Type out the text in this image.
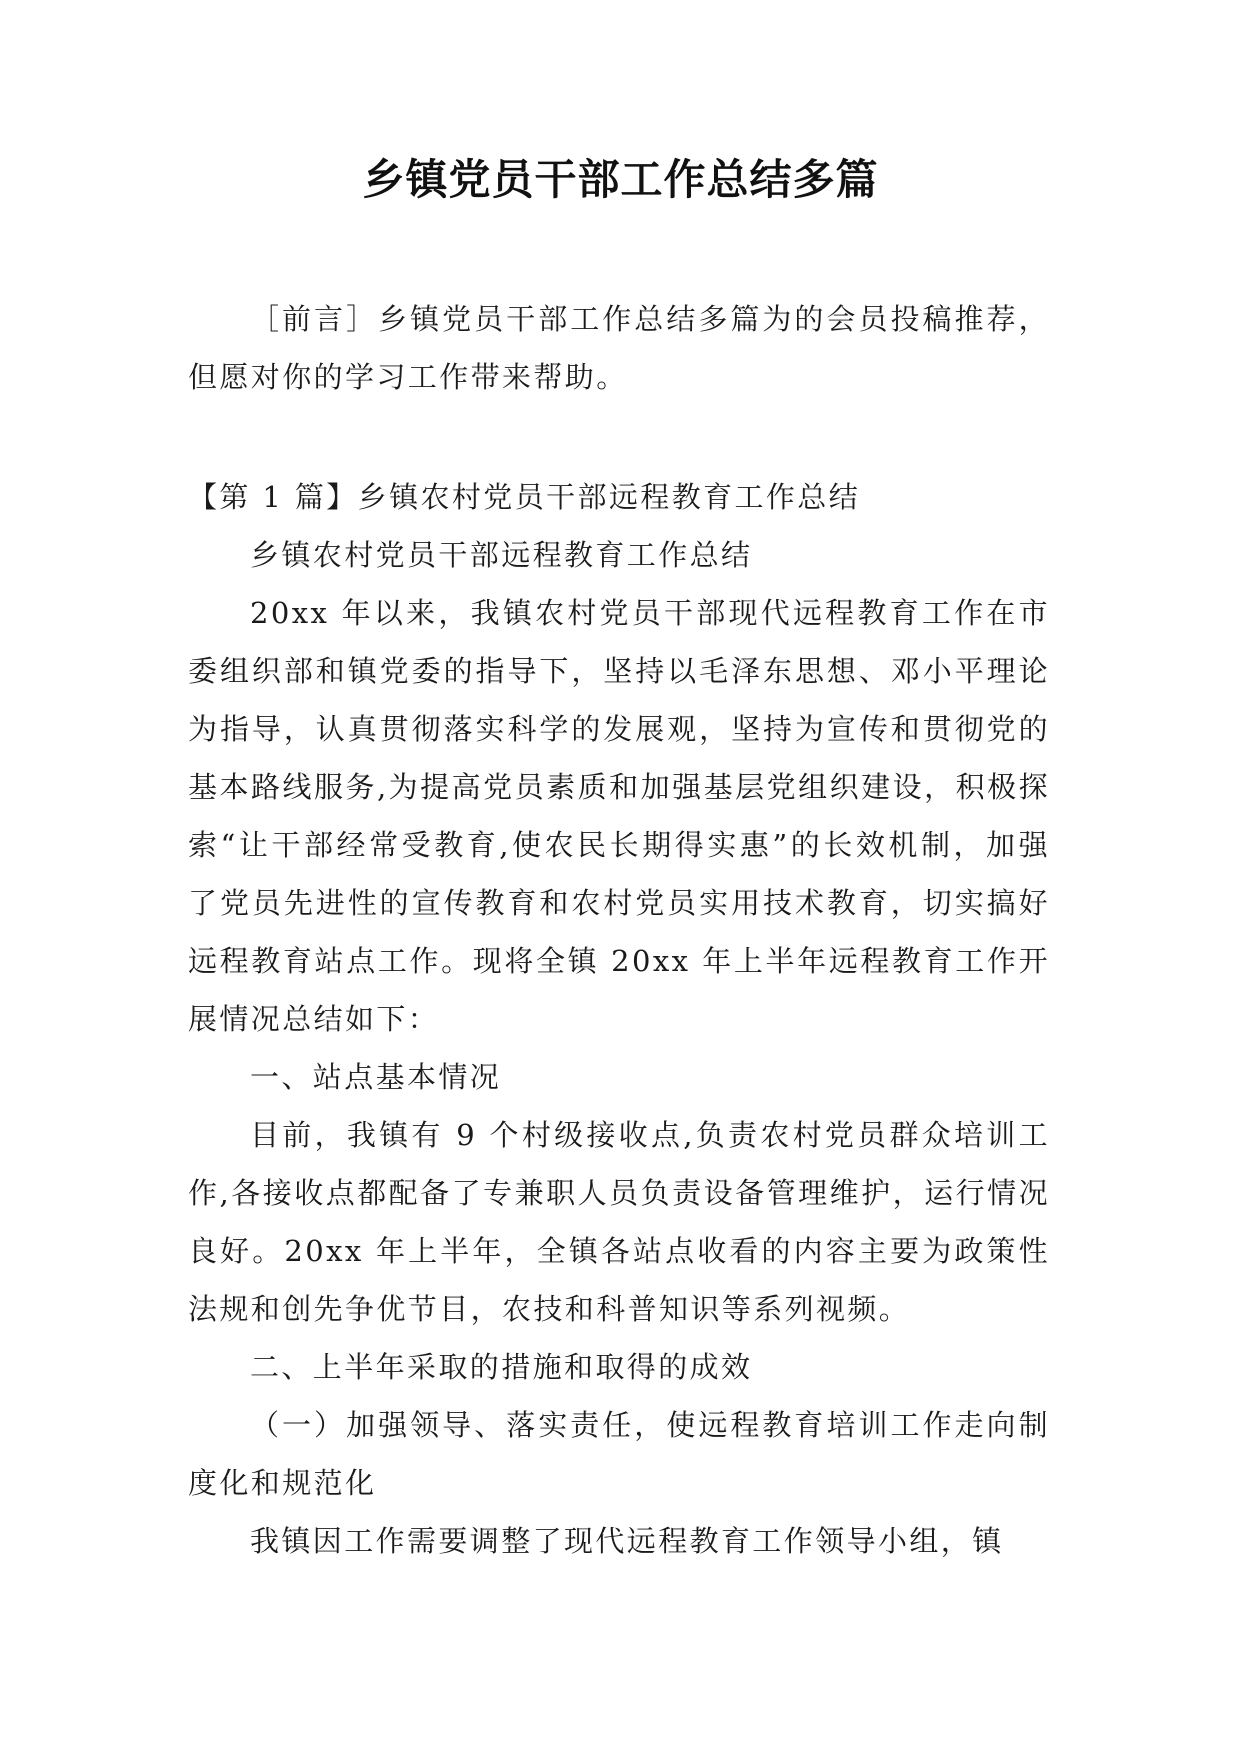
乡镇党员干部工作总结多篇

［前言］乡镇党员干部工作总结多篇为的会员投稿推荐，但愿对你的学习工作带来帮助。

【第 1 篇】乡镇农村党员干部远程教育工作总结

乡镇农村党员干部远程教育工作总结

20xx 年以来，我镇农村党员干部现代远程教育工作在市委组织部和镇党委的指导下，坚持以毛泽东思想、邓小平理论为指导，认真贯彻落实科学的发展观，坚持为宣传和贯彻党的基本路线服务,为提高党员素质和加强基层党组织建设，积极探索“让干部经常受教育,使农民长期得实惠”的长效机制，加强了党员先进性的宣传教育和农村党员实用技术教育，切实搞好远程教育站点工作。现将全镇 20xx 年上半年远程教育工作开展情况总结如下：

一、站点基本情况

目前，我镇有 9 个村级接收点,负责农村党员群众培训工作,各接收点都配备了专兼职人员负责设备管理维护，运行情况良好。20xx 年上半年，全镇各站点收看的内容主要为政策性法规和创先争优节目，农技和科普知识等系列视频。

二、上半年采取的措施和取得的成效

（一）加强领导、落实责任，使远程教育培训工作走向制度化和规范化

我镇因工作需要调整了现代远程教育工作领导小组，镇
